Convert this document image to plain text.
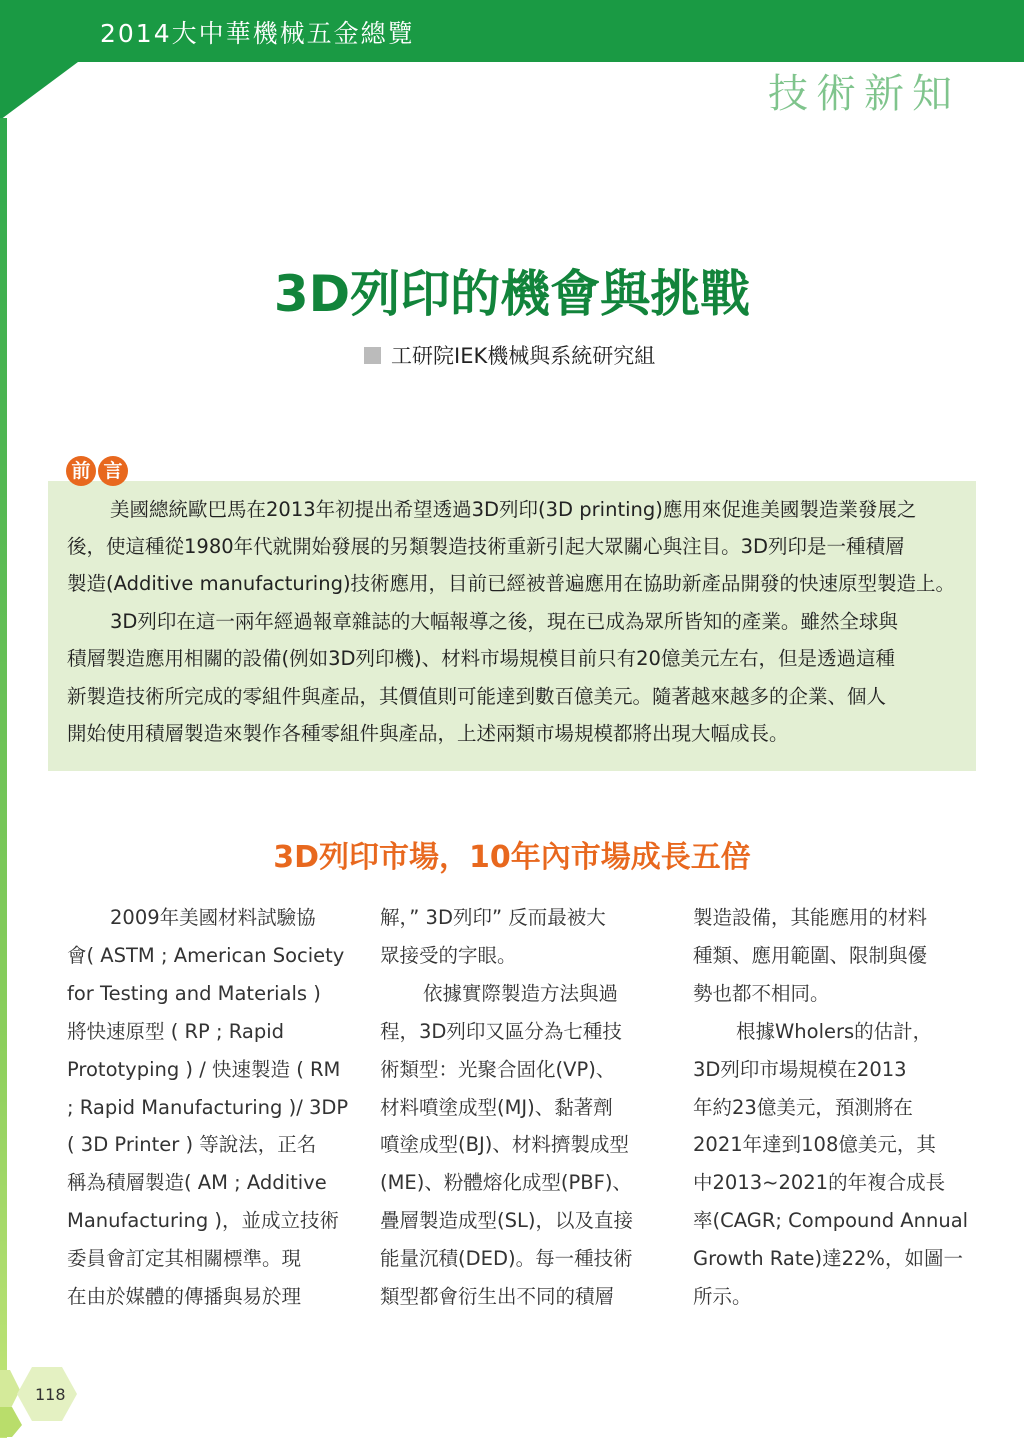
2014大中華機械五金總覽
技術新知
3D列印的機會與挑戰
工研院IEK機械與系統研究組
前 言
美國總統歐巴馬在2013年初提出希望透過3D列印(3D printing)應用來促進美國製造業發展之
後，使這種從1980年代就開始發展的另類製造技術重新引起大眾關心與注目。3D列印是一種積層
製造(Additive manufacturing)技術應用，目前已經被普遍應用在協助新產品開發的快速原型製造上。
3D列印在這一兩年經過報章雜誌的大幅報導之後，現在已成為眾所皆知的產業。雖然全球與
積層製造應用相關的設備(例如3D列印機)、材料市場規模目前只有20億美元左右，但是透過這種
新製造技術所完成的零組件與產品，其價值則可能達到數百億美元。隨著越來越多的企業、個人
開始使用積層製造來製作各種零組件與產品，上述兩類市場規模都將出現大幅成長。
3D列印市場，10年內市場成長五倍
2009年美國材料試驗協
會( ASTM ; American Society
for Testing and Materials )
將快速原型 ( RP ; Rapid
Prototyping ) / 快速製造 ( RM
; Rapid Manufacturing )/ 3DP
( 3D Printer ) 等說法，正名
稱為積層製造( AM ; Additive
Manufacturing )，並成立技術
委員會訂定其相關標準。現
在由於媒體的傳播與易於理
解，” 3D列印” 反而最被大
眾接受的字眼。
依據實際製造方法與過
程，3D列印又區分為七種技
術類型：光聚合固化(VP)、
材料噴塗成型(MJ)、黏著劑
噴塗成型(BJ)、材料擠製成型
(ME)、粉體熔化成型(PBF)、
疊層製造成型(SL)，以及直接
能量沉積(DED)。每一種技術
類型都會衍生出不同的積層
製造設備，其能應用的材料
種類、應用範圍、限制與優
勢也都不相同。
根據Wholers的估計，
3D列印市場規模在2013
年約23億美元，預測將在
2021年達到108億美元，其
中2013~2021的年複合成長
率(CAGR; Compound Annual
Growth Rate)達22%，如圖一
所示。
118
